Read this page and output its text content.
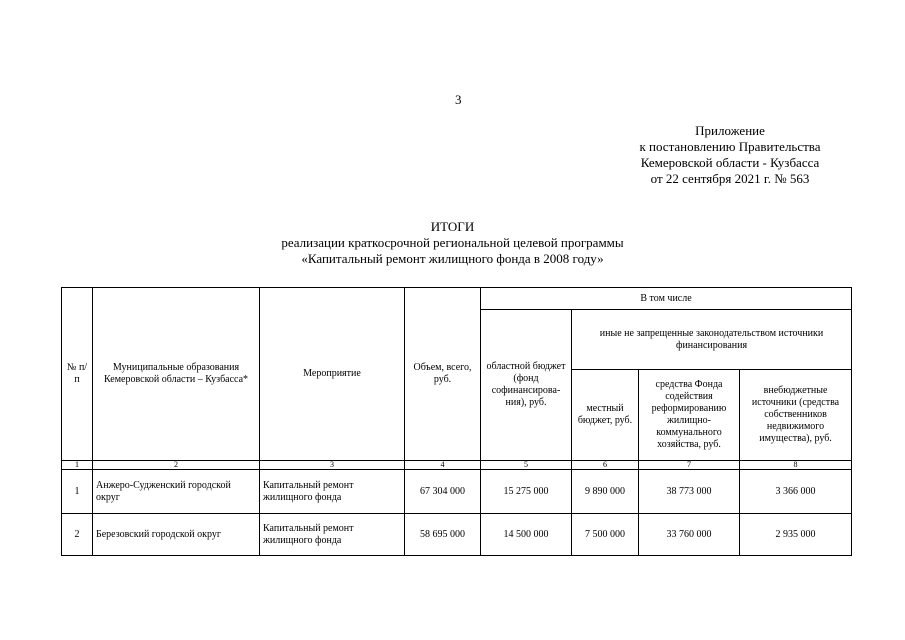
3
Приложение
к постановлению Правительства
Кемеровской области - Кузбасса
от 22 сентября 2021 г. № 563
ИТОГИ
реализации краткосрочной региональной целевой программы
«Капитальный ремонт жилищного фонда в 2008 году»
№ п/п	Муниципальные образования Кемеровской области – Кузбасса*	Мероприятие	Объем, всего, руб.	В том числе			
				областной бюджет (фонд софинансирова-ния), руб.	иные не запрещенные законодательством источники финансирования		
					местный бюджет, руб.	средства Фонда содействия реформированию жилищно-коммунального хозяйства, руб.	внебюджетные источники (средства собственников недвижимого имущества), руб.
1	2	3	4	5	6	7	8
1	Анжеро-Судженский городской округ	Капитальный ремонт жилищного фонда	67 304 000	15 275 000	9 890 000	38 773 000	3 366 000
2	Березовский городской округ	Капитальный ремонт жилищного фонда	58 695 000	14 500 000	7 500 000	33 760 000	2 935 000
